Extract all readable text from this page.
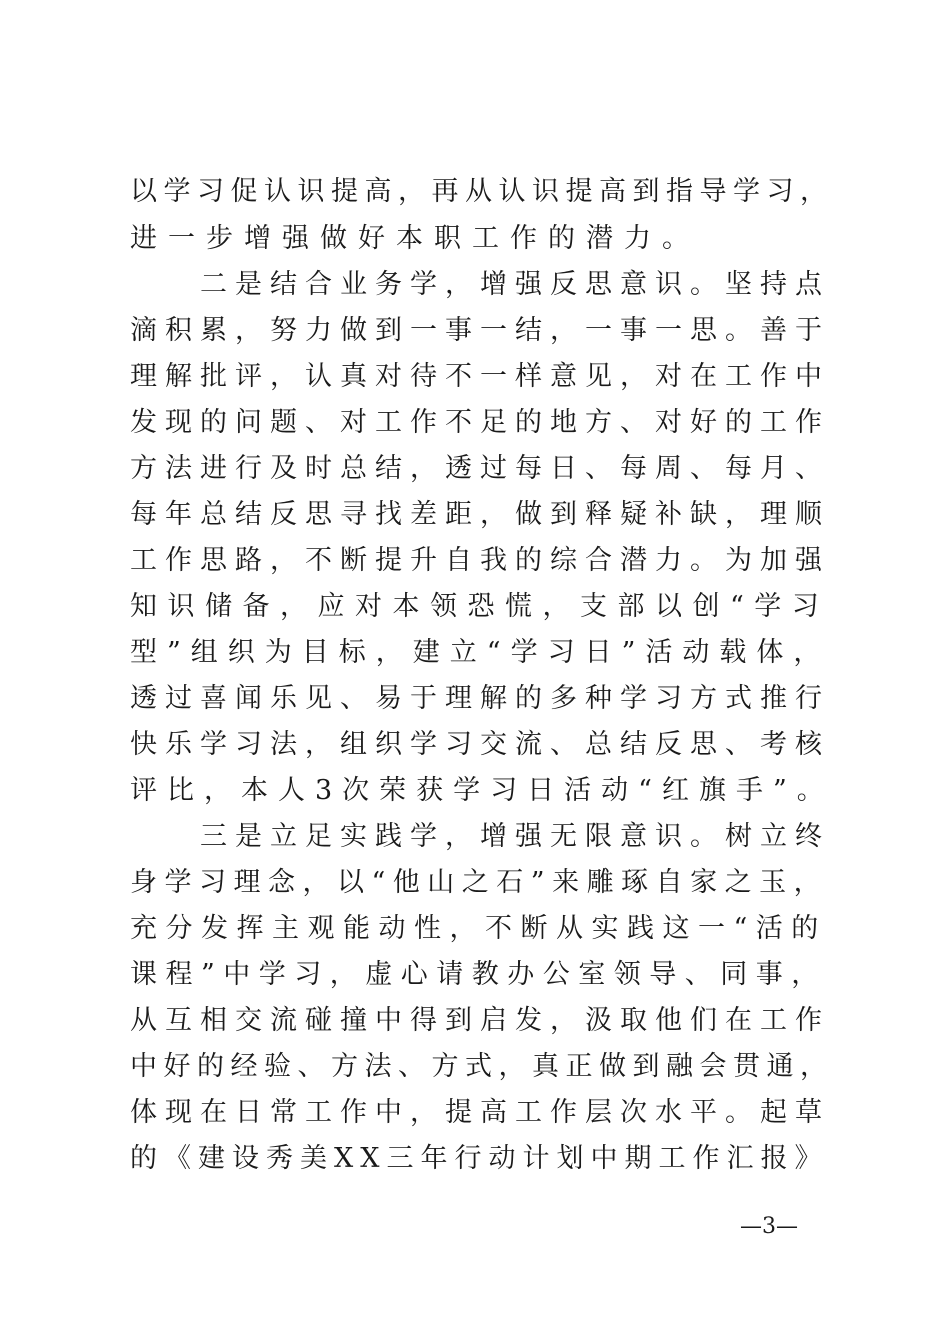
以学习促认识提高，再从认识提高到指导学习，
进一步增强做好本职工作的潜力。
二是结合业务学，增强反思意识。坚持点
滴积累，努力做到一事一结，一事一思。善于
理解批评，认真对待不一样意见，对在工作中
发现的问题、对工作不足的地方、对好的工作
方法进行及时总结，透过每日、每周、每月、
每年总结反思寻找差距，做到释疑补缺，理顺
工作思路，不断提升自我的综合潜力。为加强
知识储备，应对本领恐慌，支部以创“学习
型”组织为目标，建立“学习日”活动载体，
透过喜闻乐见、易于理解的多种学习方式推行
快乐学习法，组织学习交流、总结反思、考核
评比，本人3次荣获学习日活动“红旗手”。
三是立足实践学，增强无限意识。树立终
身学习理念，以“他山之石”来雕琢自家之玉，
充分发挥主观能动性，不断从实践这一“活的
课程”中学习，虚心请教办公室领导、同事，
从互相交流碰撞中得到启发，汲取他们在工作
中好的经验、方法、方式，真正做到融会贯通，
体现在日常工作中，提高工作层次水平。起草
的《建设秀美XX三年行动计划中期工作汇报》
—3—
